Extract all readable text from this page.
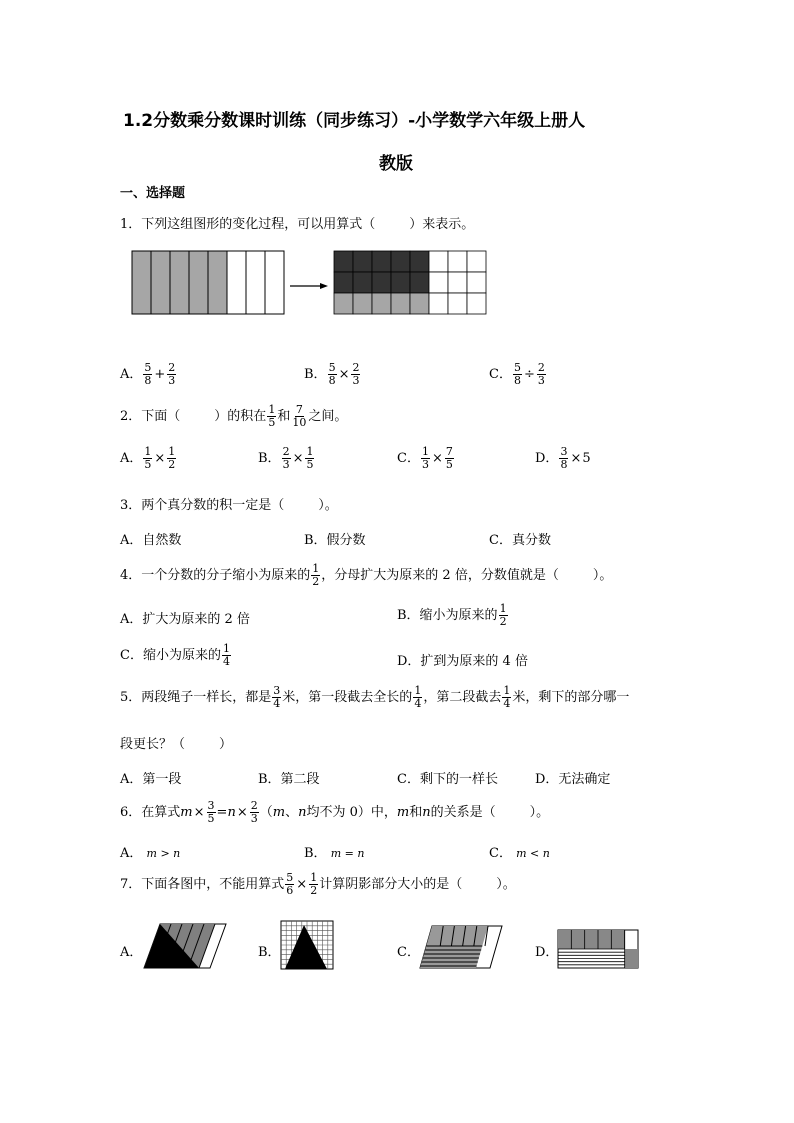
1.2分数乘分数课时训练（同步练习）-小学数学六年级上册人
教版
一、选择题
1．下列这组图形的变化过程，可以用算式（	）来表示。
A． $\frac{5}{8} + \frac{2}{3}$	B． $\frac{5}{8} \times \frac{2}{3}$	C． $\frac{5}{8} \div \frac{2}{3}$
2．下面（	）的积在 $\frac{1}{5}$ 和 $\frac{7}{10}$ 之间。
A． $\frac{1}{5} \times \frac{1}{2}$	B． $\frac{2}{3} \times \frac{1}{5}$	C． $\frac{1}{3} \times \frac{7}{5}$	D． $\frac{3}{8} \times 5$
3．两个真分数的积一定是（	）。
A．自然数	B．假分数	C．真分数
4．一个分数的分子缩小为原来的 $\frac{1}{2}$ ，分母扩大为原来的 2 倍，分数值就是（	）。
A．扩大为原来的 2 倍	B．缩小为原来的 $\frac{1}{2}$
C．缩小为原来的 $\frac{1}{4}$	D．扩到为原来的 4 倍
5．两段绳子一样长，都是 $\frac{3}{4}$ 米，第一段截去全长的 $\frac{1}{4}$ ，第二段截去 $\frac{1}{4}$ 米，剩下的部分哪一
段更长？（	）
A．第一段	B．第二段	C．剩下的一样长	D．无法确定
6．在算式$m\times \frac{3}{5} =n\times \frac{2}{3} (m$、n均不为 0）中，m和n的关系是（	）。
A． m > n	B． m = n	C． m < n
7．下面各图中，不能用算式 $\frac{5}{6} \times \frac{1}{2}$ 计算阴影部分大小的是（	）。
A．	B．	C．	D．
